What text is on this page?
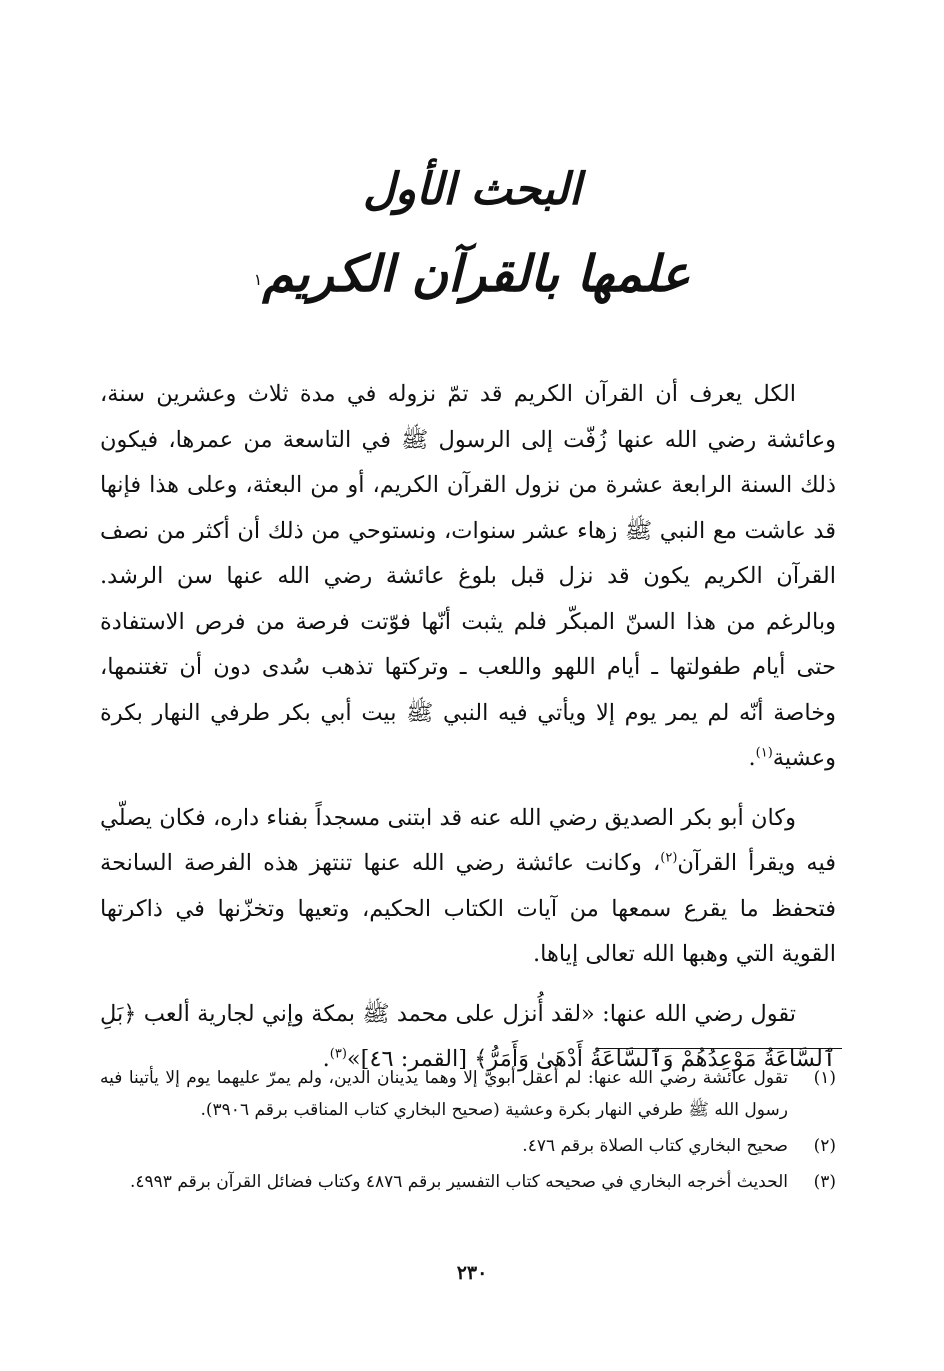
البحث الأول
علمها بالقرآن الكريم$^١$

الكل يعرف أن القرآن الكريم قد تمّ نزوله في مدة ثلاث وعشرين سنة، وعائشة رضي الله عنها زُفّت إلى الرسول ﷺ في التاسعة من عمرها، فيكون ذلك السنة الرابعة عشرة من نزول القرآن الكريم، أو من البعثة، وعلى هذا فإنها قد عاشت مع النبي ﷺ زهاء عشر سنوات، ونستوحي من ذلك أن أكثر من نصف القرآن الكريم يكون قد نزل قبل بلوغ عائشة رضي الله عنها سن الرشد. وبالرغم من هذا السنّ المبكّر فلم يثبت أنّها فوّتت فرصة من فرص الاستفادة حتى أيام طفولتها ـ أيام اللهو واللعب ـ وتركتها تذهب سُدى دون أن تغتنمها، وخاصة أنّه لم يمر يوم إلا ويأتي فيه النبي ﷺ بيت أبي بكر طرفي النهار بكرة وعشية$^{(١)}$.

وكان أبو بكر الصديق رضي الله عنه قد ابتنى مسجداً بفناء داره، فكان يصلّي فيه ويقرأ القرآن$^{(٢)}$، وكانت عائشة رضي الله عنها تنتهز هذه الفرصة السانحة فتحفظ ما يقرع سمعها من آيات الكتاب الحكيم، وتعيها وتخزّنها في ذاكرتها القوية التي وهبها الله تعالى إياها.

تقول رضي الله عنها: «لقد أُنزل على محمد ﷺ بمكة وإني لجارية ألعب ﴿بَلِ ٱلسَّاعَةُ مَوْعِدُهُمْ وَٱلسَّاعَةُ أَدْهَىٰ وَأَمَرُّ﴾ [القمر: ٤٦]»$^{(٣)}$.

(١)
تقول عائشة رضي الله عنها: لم أعقل أبويّ إلا وهما يدينان الدين، ولم يمرّ عليهما يوم إلا يأتينا فيه رسول الله ﷺ طرفي النهار بكرة وعشية (صحيح البخاري كتاب المناقب برقم ٣٩٠٦).
(٢)
صحيح البخاري كتاب الصلاة برقم ٤٧٦.
(٣)
الحديث أخرجه البخاري في صحيحه كتاب التفسير برقم ٤٨٧٦ وكتاب فضائل القرآن برقم ٤٩٩٣.
٢٣٠
